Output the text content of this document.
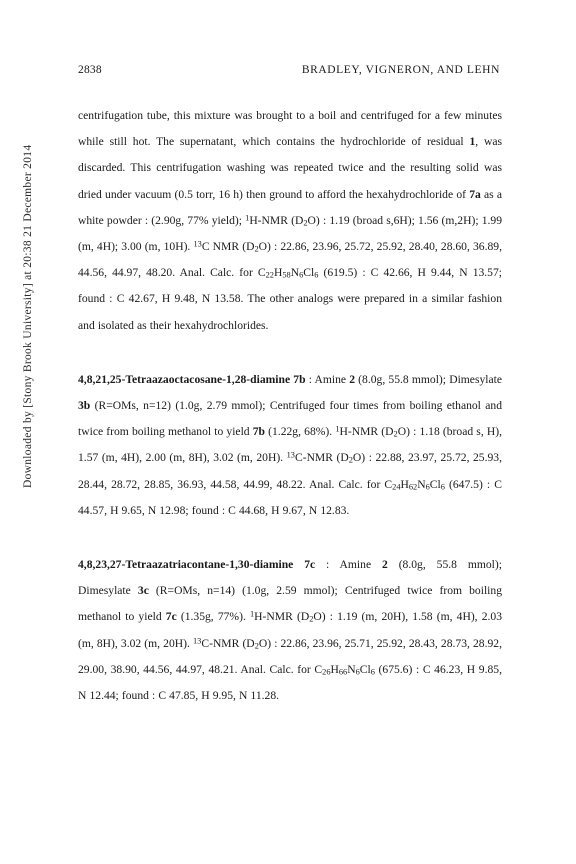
2838	BRADLEY, VIGNERON, AND LEHN
Downloaded by [Stony Brook University] at 20:38 21 December 2014

centrifugation tube, this mixture was brought to a boil and centrifuged for a few minutes while still hot. The supernatant, which contains the hydrochloride of residual 1, was discarded. This centrifugation washing was repeated twice and the resulting solid was dried under vacuum (0.5 torr, 16 h) then ground to afford the hexahydrochloride of 7a as a white powder : (2.90g, 77% yield); $^1$H-NMR $(D_2O)$ : 1.19 (broad s,6H); 1.56 (m,2H); 1.99 (m, 4H); 3.00 (m, 10H). $^{13}$C NMR $(D_2O)$ : 22.86, 23.96, 25.72, 25.92, 28.40, 28.60, 36.89, 44.56, 44.97, 48.20. Anal. Calc. for $C_{22}H_{58}N_6Cl_6$ (619.5) : C 42.66, H 9.44, N 13.57; found : C 42.67, H 9.48, N 13.58. The other analogs were prepared in a similar fashion and isolated as their hexahydrochlorides.

4,8,21,25-Tetraazaoctacosane-1,28-diamine 7b : Amine 2 (8.0g, 55.8 mmol); Dimesylate 3b (R=OMs, n=12) (1.0g, 2.79 mmol); Centrifuged four times from boiling ethanol and twice from boiling methanol to yield 7b (1.22g, 68%). $^1$H-NMR $(D_2O)$ : 1.18 (broad s, H), 1.57 (m, 4H), 2.00 (m, 8H), 3.02 (m, 20H). $^{13}$C-NMR $(D_2O)$ : 22.88, 23.97, 25.72, 25.93, 28.44, 28.72, 28.85, 36.93, 44.58, 44.99, 48.22. Anal. Calc. for $C_{24}H_{62}N_6Cl_6$ (647.5) : C 44.57, H 9.65, N 12.98; found : C 44.68, H 9.67, N 12.83.

4,8,23,27-Tetraazatriacontane-1,30-diamine 7c : Amine 2 (8.0g, 55.8 mmol); Dimesylate 3c (R=OMs, n=14) (1.0g, 2.59 mmol); Centrifuged twice from boiling methanol to yield 7c (1.35g, 77%). $^1$H-NMR $(D_2O)$ : 1.19 (m, 20H), 1.58 (m, 4H), 2.03 (m, 8H), 3.02 (m, 20H). $^{13}$C-NMR $(D_2O)$ : 22.86, 23.96, 25.71, 25.92, 28.43, 28.73, 28.92, 29.00, 38.90, 44.56, 44.97, 48.21. Anal. Calc. for $C_{26}H_{66}N_6Cl_6$ (675.6) : C 46.23, H 9.85, N 12.44; found : C 47.85, H 9.95, N 11.28.
